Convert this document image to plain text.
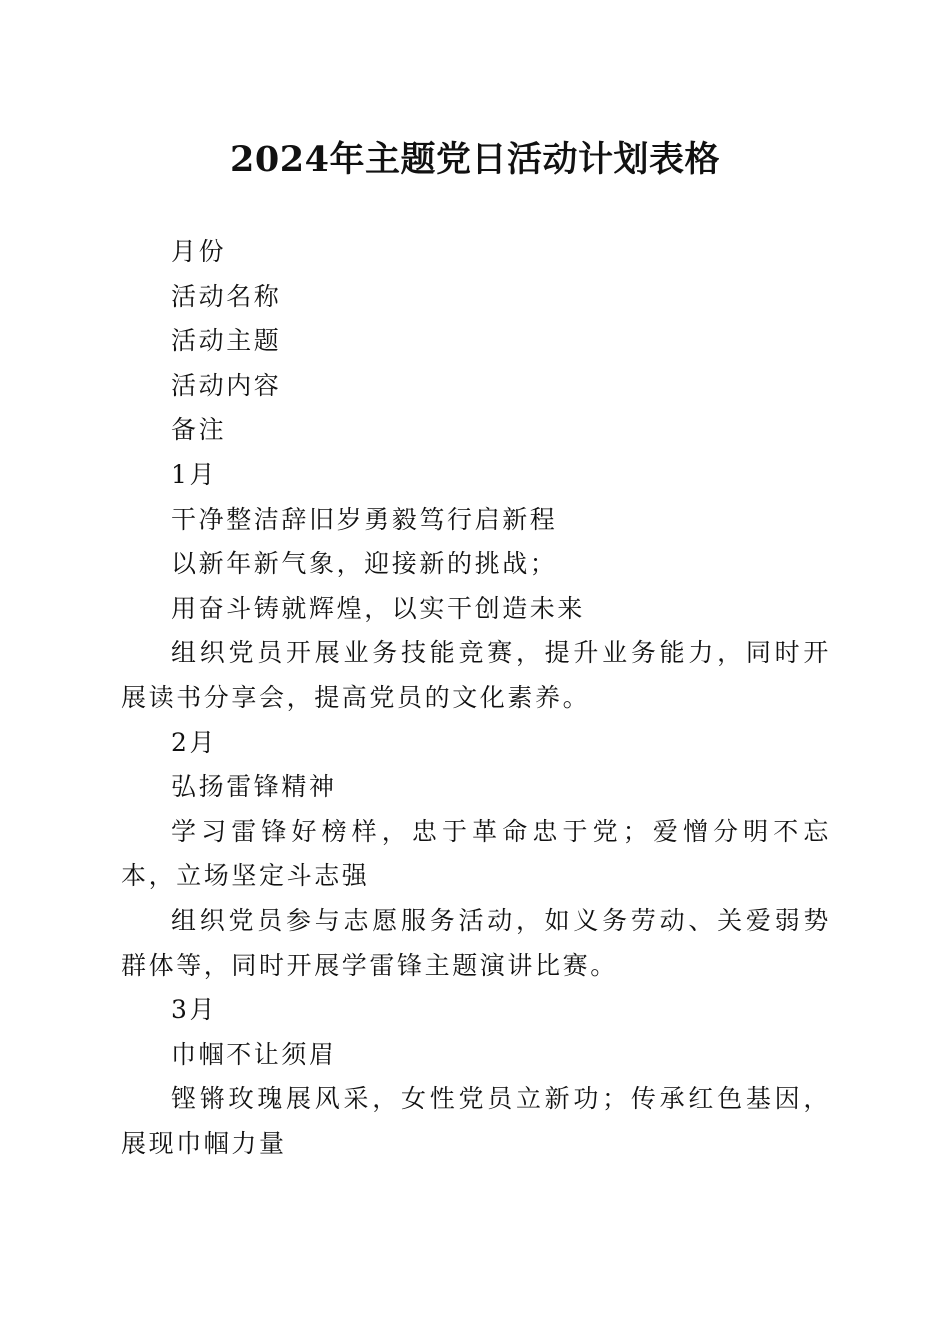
2024年主题党日活动计划表格

月份

活动名称

活动主题

活动内容

备注

1月

干净整洁辞旧岁勇毅笃行启新程

以新年新气象，迎接新的挑战；

用奋斗铸就辉煌，以实干创造未来

组织党员开展业务技能竞赛，提升业务能力，同时开展读书分享会，提高党员的文化素养。

2月

弘扬雷锋精神

学习雷锋好榜样，忠于革命忠于党；爱憎分明不忘本，立场坚定斗志强

组织党员参与志愿服务活动，如义务劳动、关爱弱势群体等，同时开展学雷锋主题演讲比赛。

3月

巾帼不让须眉

铿锵玫瑰展风采，女性党员立新功；传承红色基因，展现巾帼力量
